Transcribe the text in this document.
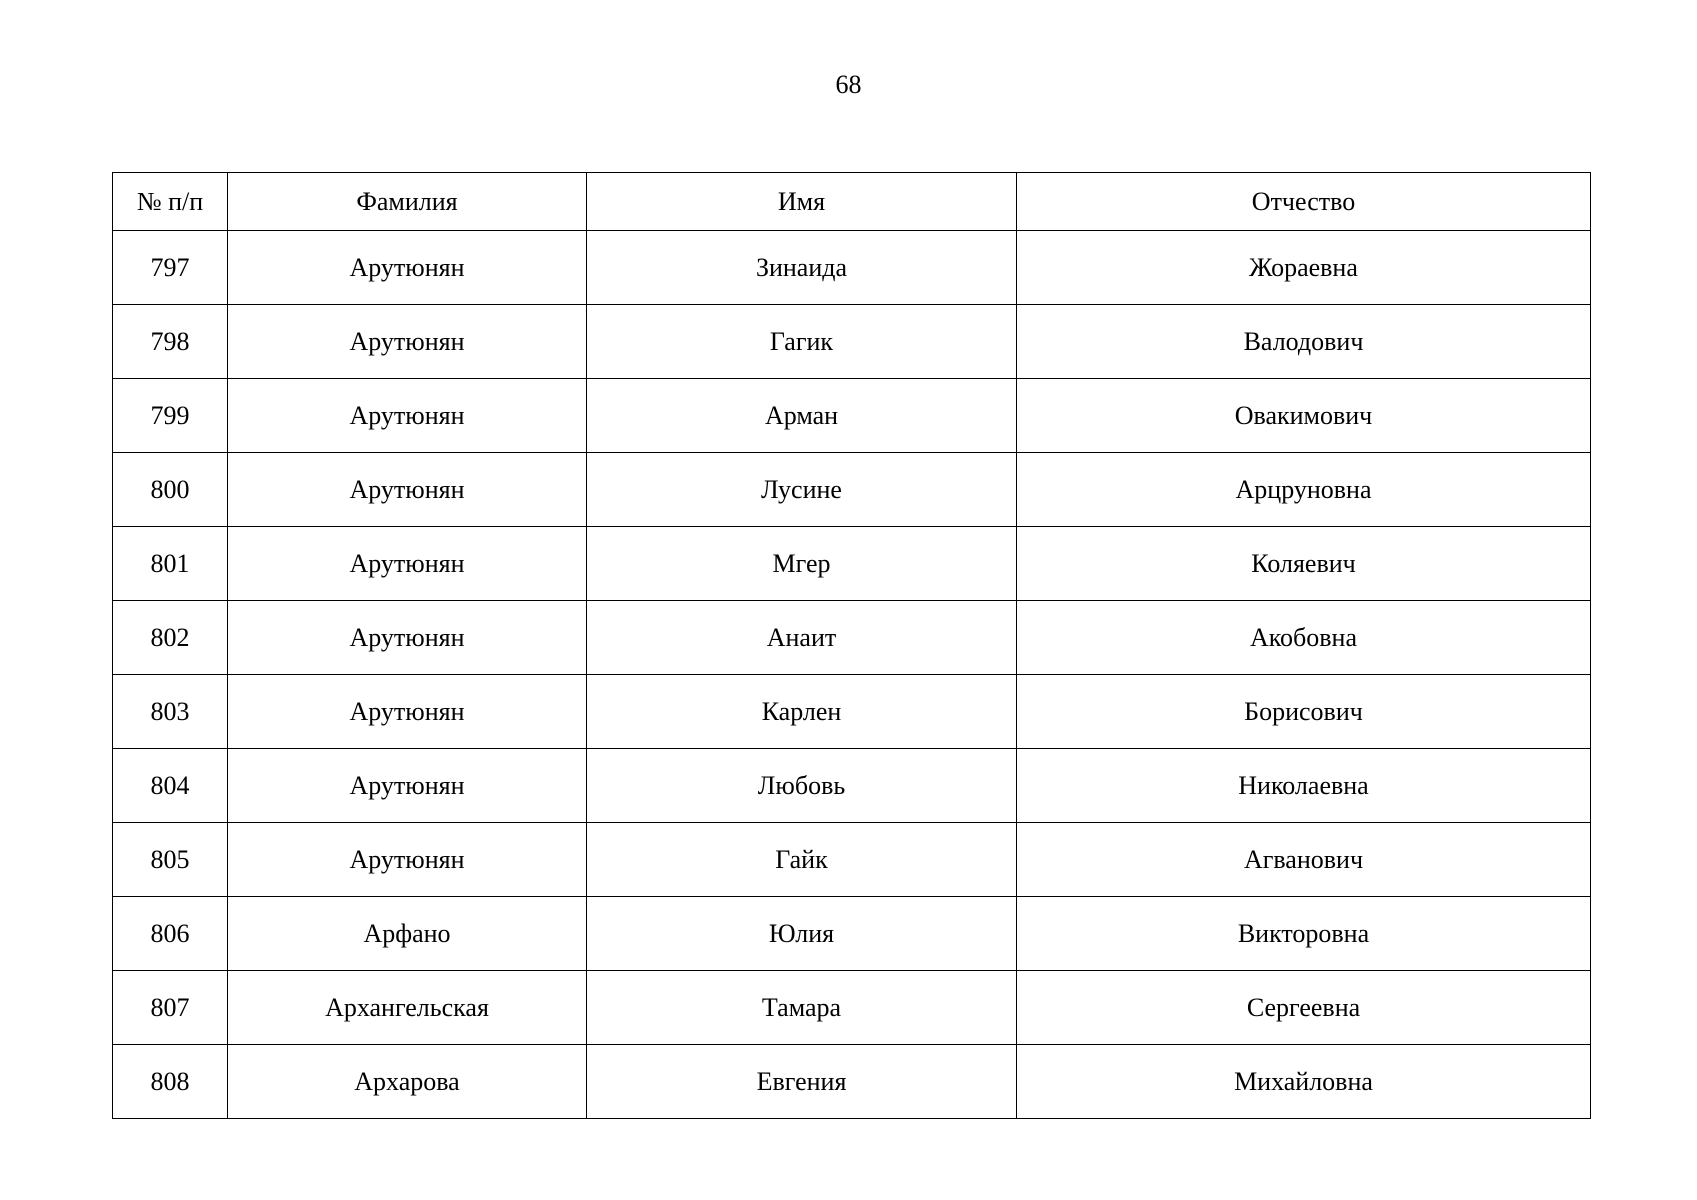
68
№ п/п	Фамилия	Имя	Отчество
797	Арутюнян	Зинаида	Жораевна
798	Арутюнян	Гагик	Валодович
799	Арутюнян	Арман	Овакимович
800	Арутюнян	Лусине	Арцруновна
801	Арутюнян	Мгер	Коляевич
802	Арутюнян	Анаит	Акобовна
803	Арутюнян	Карлен	Борисович
804	Арутюнян	Любовь	Николаевна
805	Арутюнян	Гайк	Агванович
806	Арфано	Юлия	Викторовна
807	Архангельская	Тамара	Сергеевна
808	Архарова	Евгения	Михайловна
